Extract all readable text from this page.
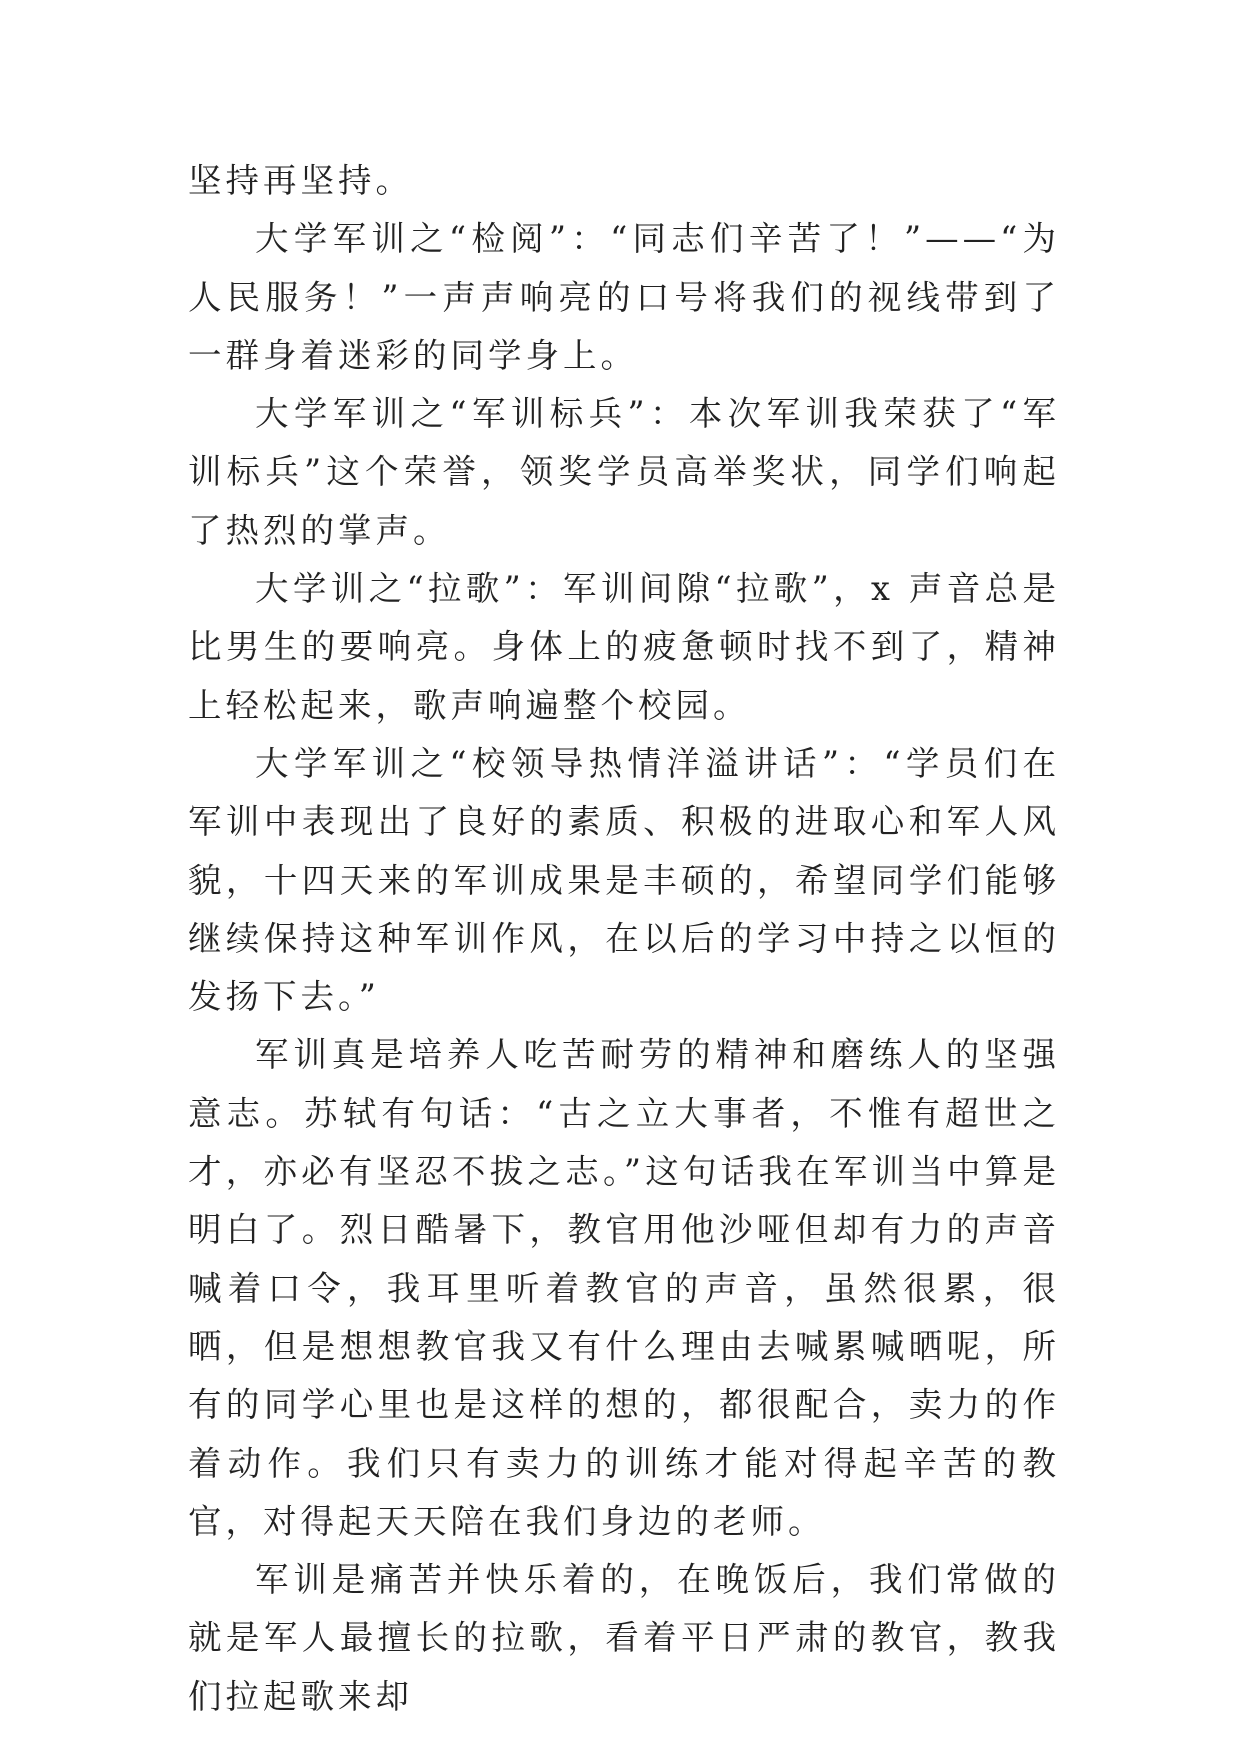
坚持再坚持。

大学军训之“检阅”：“同志们辛苦了！”——“为人民服务！”一声声响亮的口号将我们的视线带到了一群身着迷彩的同学身上。

大学军训之“军训标兵”：本次军训我荣获了“军训标兵”这个荣誉，领奖学员高举奖状，同学们响起了热烈的掌声。

大学训之“拉歌”：军训间隙“拉歌”，x 声音总是比男生的要响亮。身体上的疲惫顿时找不到了，精神上轻松起来，歌声响遍整个校园。

大学军训之“校领导热情洋溢讲话”：“学员们在军训中表现出了良好的素质、积极的进取心和军人风貌，十四天来的军训成果是丰硕的，希望同学们能够继续保持这种军训作风，在以后的学习中持之以恒的发扬下去。”

军训真是培养人吃苦耐劳的精神和磨练人的坚强意志。苏轼有句话：“古之立大事者，不惟有超世之才，亦必有坚忍不拔之志。”这句话我在军训当中算是明白了。烈日酷暑下，教官用他沙哑但却有力的声音喊着口令，我耳里听着教官的声音，虽然很累，很晒，但是想想教官我又有什么理由去喊累喊晒呢，所有的同学心里也是这样的想的，都很配合，卖力的作着动作。我们只有卖力的训练才能对得起辛苦的教官，对得起天天陪在我们身边的老师。

军训是痛苦并快乐着的，在晚饭后，我们常做的就是军人最擅长的拉歌，看着平日严肃的教官，教我们拉起歌来却
